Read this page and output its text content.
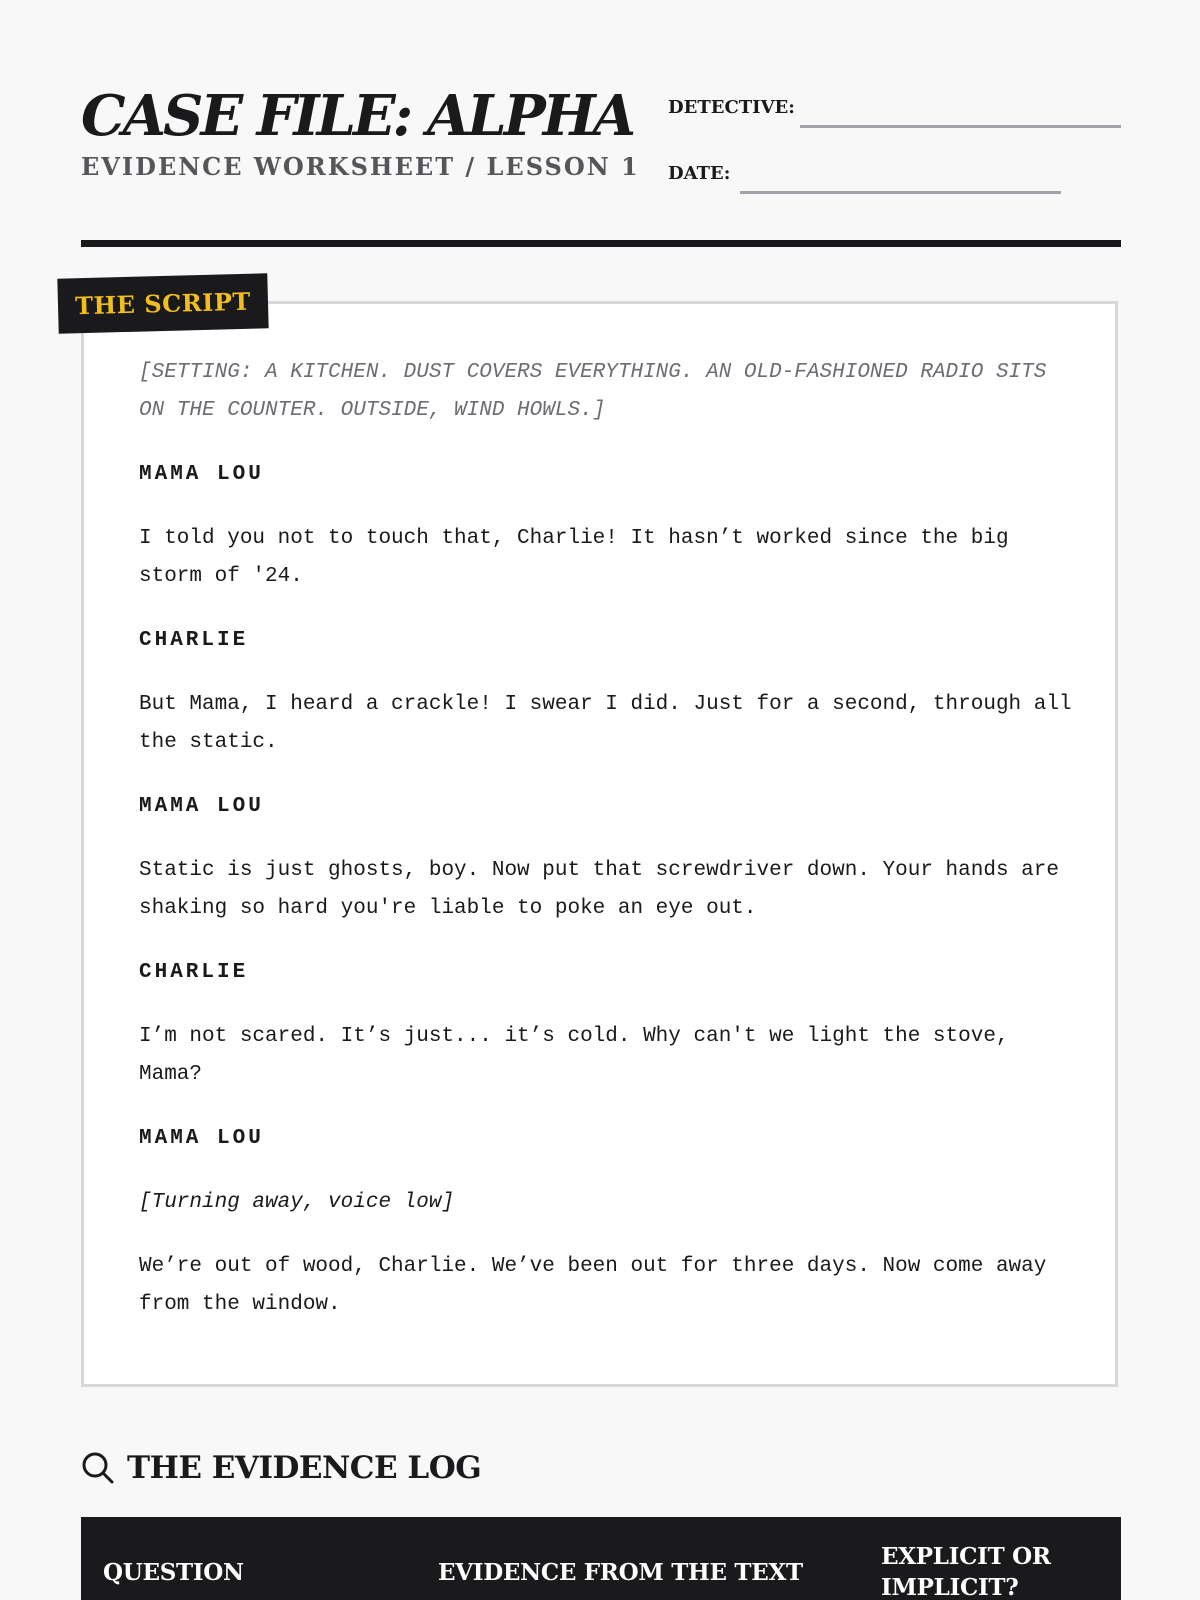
CASE FILE: ALPHA
EVIDENCE WORKSHEET / LESSON 1
DETECTIVE:
DATE:
THE SCRIPT

[SETTING: A KITCHEN. DUST COVERS EVERYTHING. AN OLD-FASHIONED RADIO SITS ON THE COUNTER. OUTSIDE, WIND HOWLS.]

MAMA LOU

I told you not to touch that, Charlie! It hasn’t worked since the big storm of '24.

CHARLIE

But Mama, I heard a crackle! I swear I did. Just for a second, through all the static.

MAMA LOU

Static is just ghosts, boy. Now put that screwdriver down. Your hands are shaking so hard you're liable to poke an eye out.

CHARLIE

I’m not scared. It’s just... it’s cold. Why can't we light the stove, Mama?

MAMA LOU

[Turning away, voice low]

We’re out of wood, Charlie. We’ve been out for three days. Now come away from the window.

THE EVIDENCE LOG
QUESTION	EVIDENCE FROM THE TEXT
EXPLICIT OR IMPLICIT?
